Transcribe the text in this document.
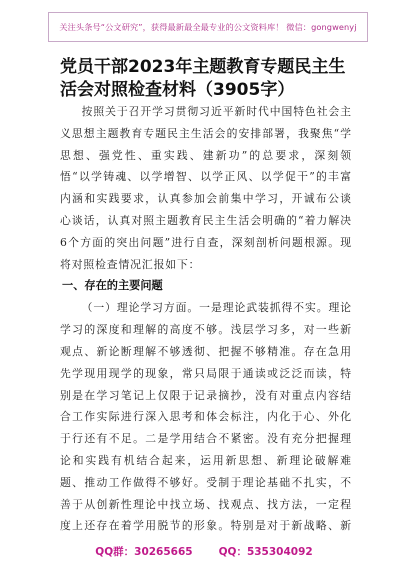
关注头条号“公文研究”，获得最新最全最专业的公文资料库！ 微信：gongwenyj
党员干部2023年主题教育专题民主生活会对照检查材料（3905字）

按照关于召开学习贯彻习近平新时代中国特色社会主义思想主题教育专题民主生活会的安排部署，我聚焦“学思想、强党性、重实践、建新功”的总要求，深刻领悟“以学铸魂、以学增智、以学正风、以学促干”的丰富内涵和实践要求，认真参加会前集中学习，开诚布公谈心谈话，认真对照主题教育民主生活会明确的“着力解决6个方面的突出问题”进行自查，深刻剖析问题根源。现将对照检查情况汇报如下：

一、存在的主要问题

（一）理论学习方面。一是理论武装抓得不实。理论学习的深度和理解的高度不够。浅层学习多，对一些新观点、新论断理解不够透彻、把握不够精准。存在急用先学现用现学的现象，常只局限于通读或泛泛而读，特别是在学习笔记上仅限于记录摘抄，没有对重点内容结合工作实际进行深入思考和体会标注，内化于心、外化于行还有不足。二是学用结合不紧密。没有充分把握理论和实践有机结合起来，运用新思想、新理论破解难题、推动工作做得不够好。受制于理论基础不扎实，不善于从创新性理论中找立场、找观点、找方法，一定程度上还存在着学用脱节的形象。特别是对于新战略、新

QQ群：30265665 QQ：535304092
